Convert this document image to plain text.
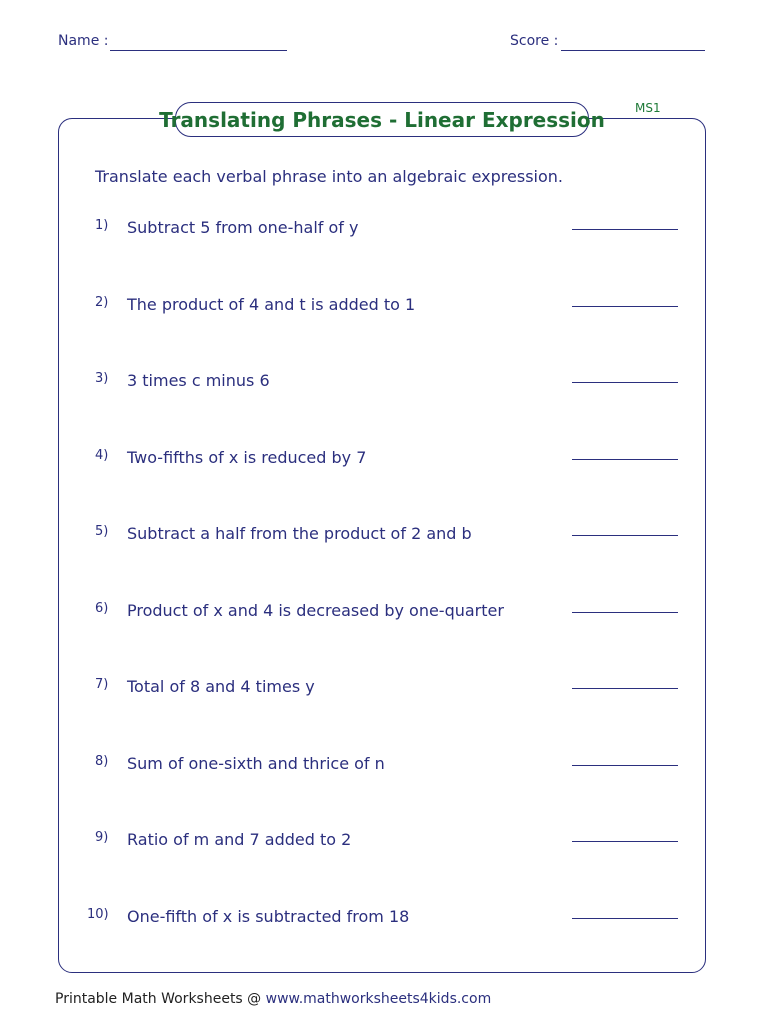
Name :	Score :
MS1
Translating Phrases - Linear Expression
Translate each verbal phrase into an algebraic expression.
1) Subtract 5 from one-half of y
2) The product of 4 and t is added to 1
3) 3 times c minus 6
4) Two-fifths of x is reduced by 7
5) Subtract a half from the product of 2 and b
6) Product of x and 4 is decreased by one-quarter
7) Total of 8 and 4 times y
8) Sum of one-sixth and thrice of n
9) Ratio of m and 7 added to 2
10) One-fifth of x is subtracted from 18
Printable Math Worksheets @ www.mathworksheets4kids.com
